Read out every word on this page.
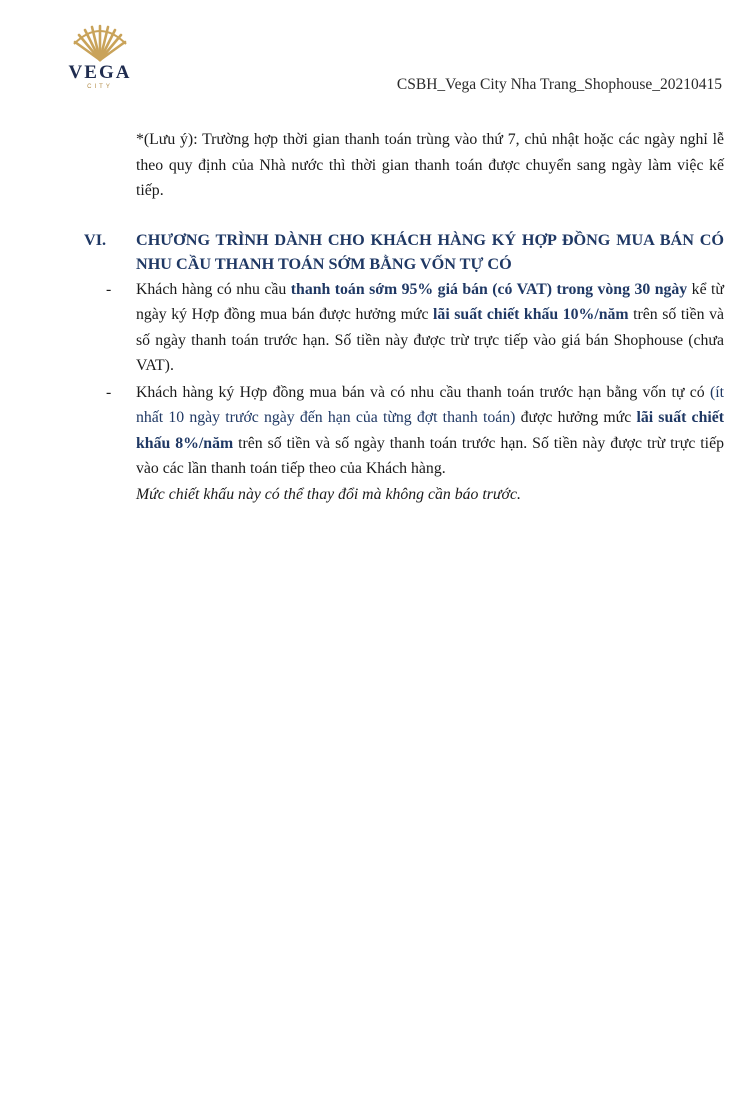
VEGA
CITY	CSBH_Vega City Nha Trang_Shophouse_20210415
*(Lưu ý): Trường hợp thời gian thanh toán trùng vào thứ 7, chủ nhật hoặc các ngày nghỉ lễ theo quy định của Nhà nước thì thời gian thanh toán được chuyển sang ngày làm việc kế tiếp.
VI.	CHƯƠNG TRÌNH DÀNH CHO KHÁCH HÀNG KÝ HỢP ĐỒNG MUA BÁN CÓ NHU CẦU THANH TOÁN SỚM BẰNG VỐN TỰ CÓ
-	Khách hàng có nhu cầu thanh toán sớm 95% giá bán (có VAT) trong vòng 30 ngày kể từ ngày ký Hợp đồng mua bán được hưởng mức lãi suất chiết khấu 10%/năm trên số tiền và số ngày thanh toán trước hạn. Số tiền này được trừ trực tiếp vào giá bán Shophouse (chưa VAT).
-	Khách hàng ký Hợp đồng mua bán và có nhu cầu thanh toán trước hạn bằng vốn tự có (ít nhất 10 ngày trước ngày đến hạn của từng đợt thanh toán) được hưởng mức lãi suất chiết khấu 8%/năm trên số tiền và số ngày thanh toán trước hạn. Số tiền này được trừ trực tiếp vào các lần thanh toán tiếp theo của Khách hàng.
Mức chiết khấu này có thể thay đổi mà không cần báo trước.
